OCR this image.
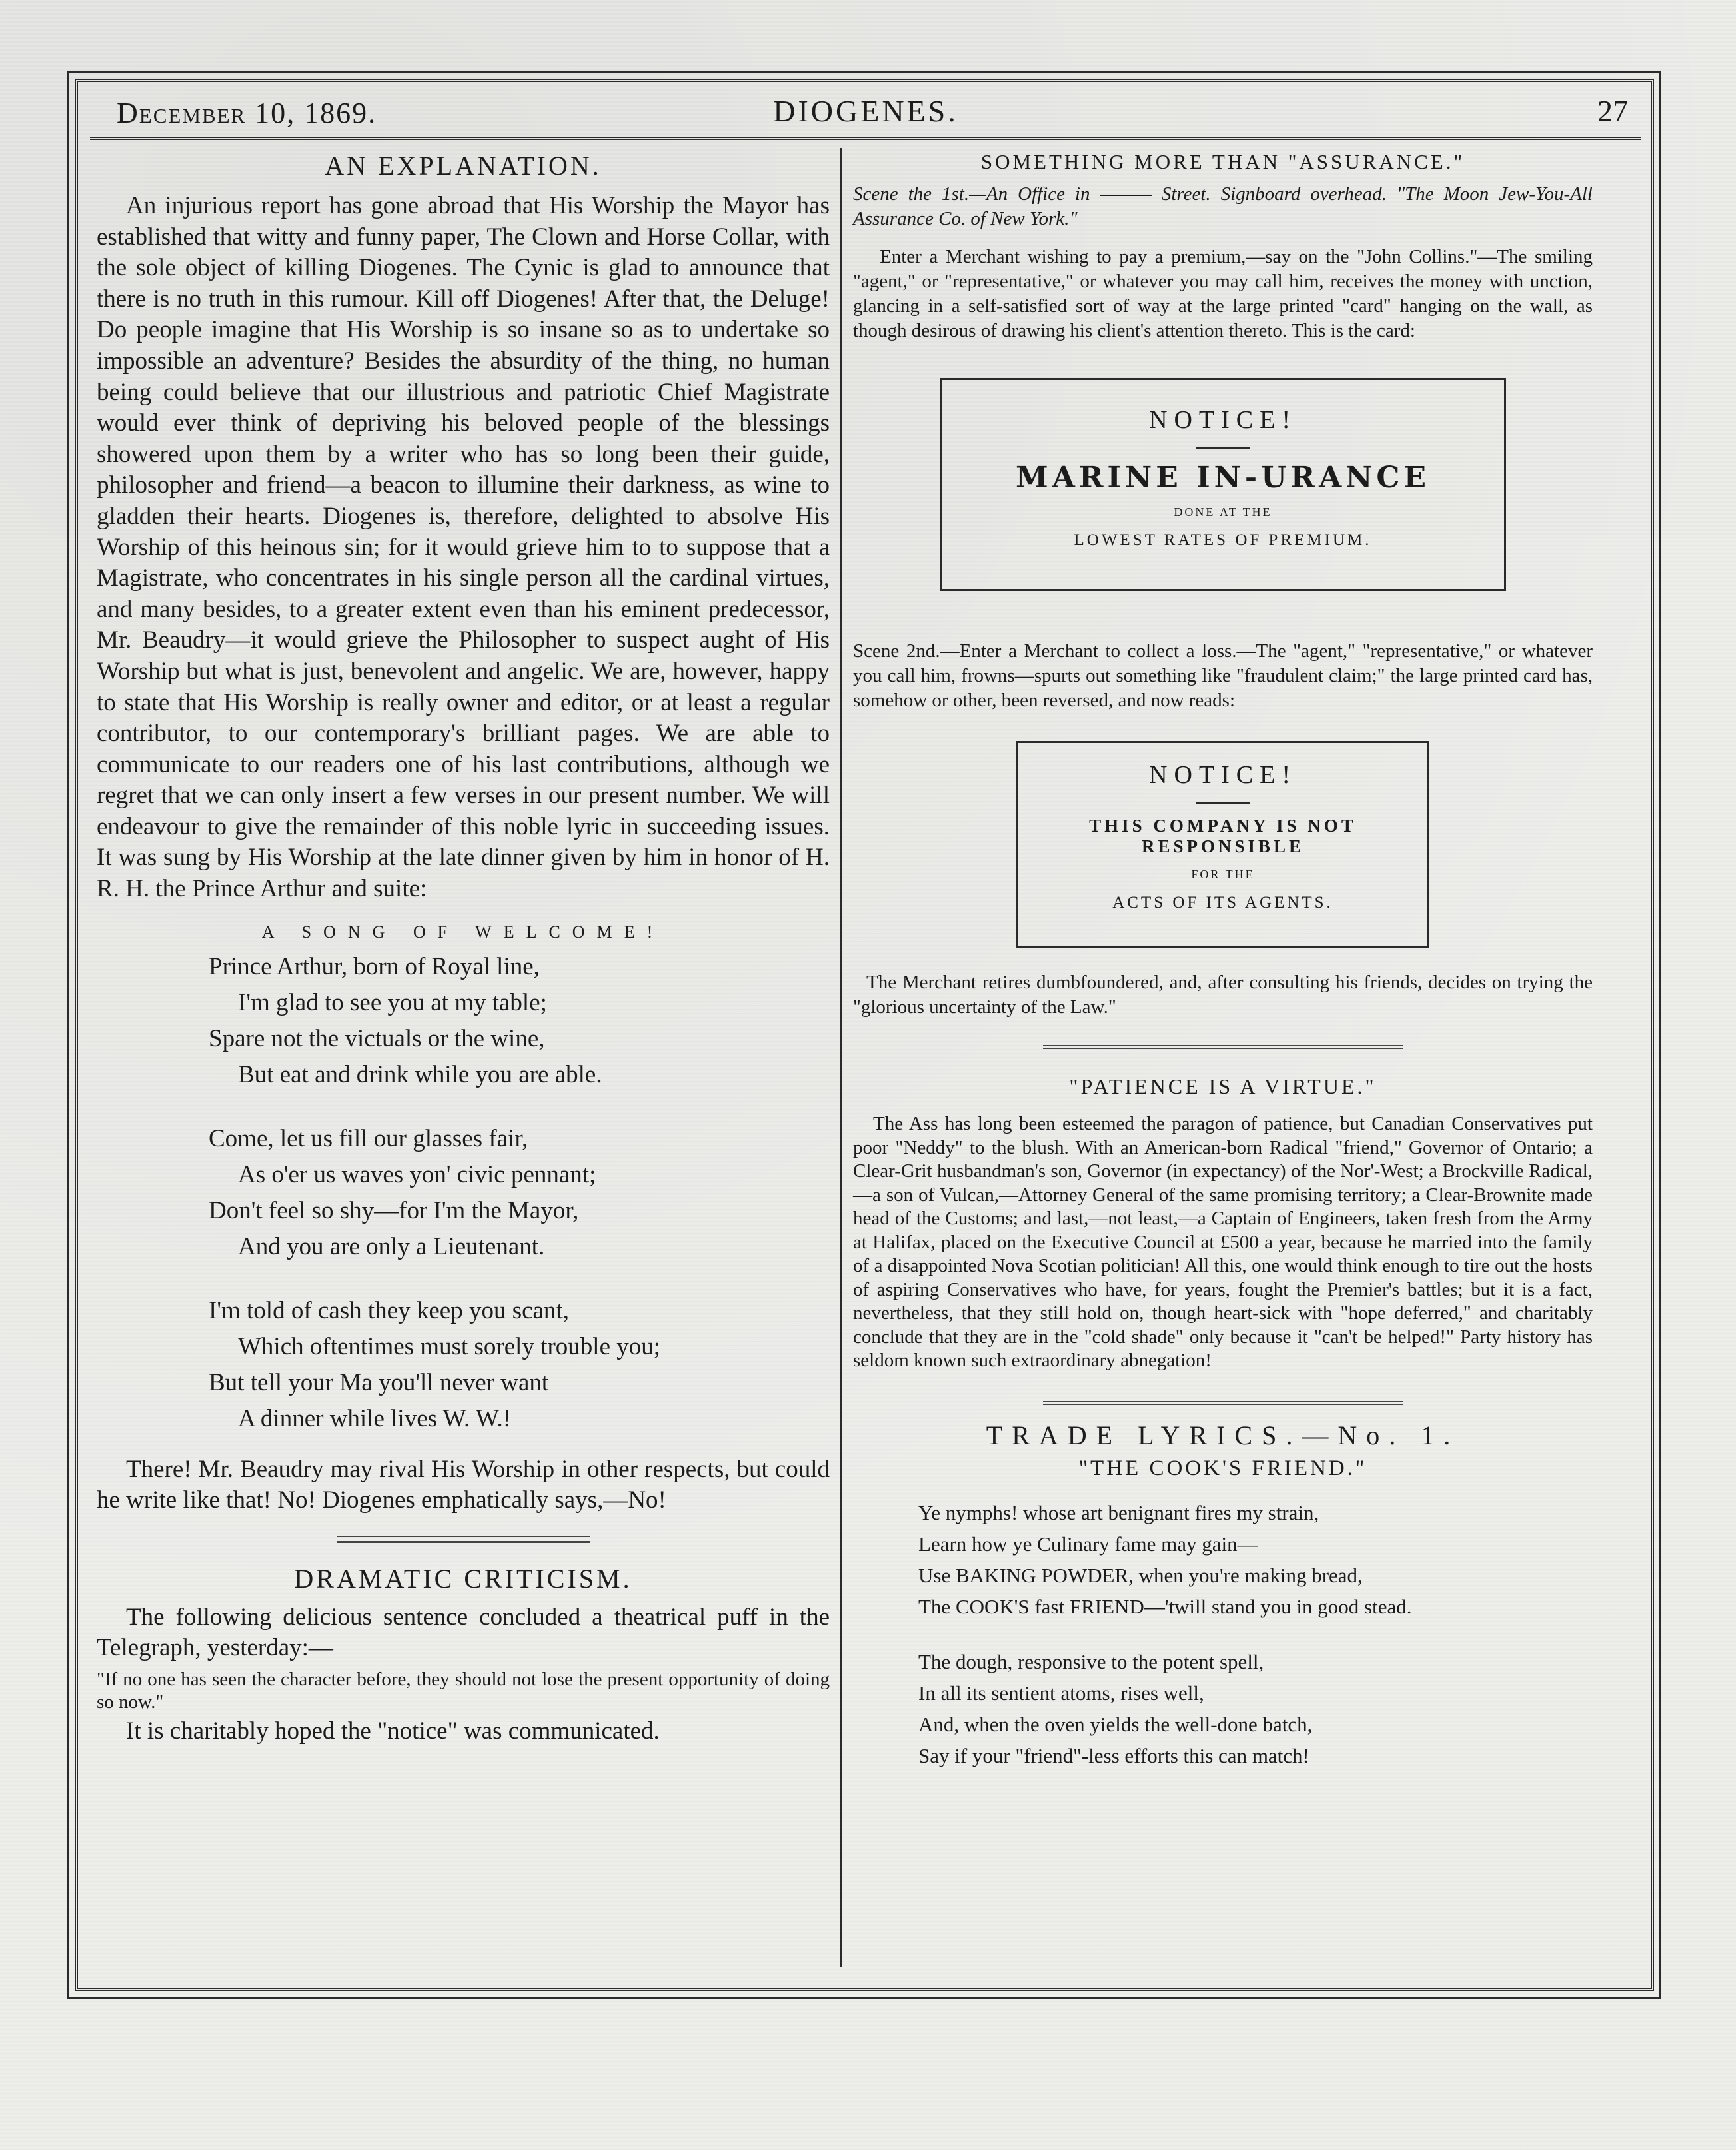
December 10, 1869.	DIOGENES.	27
AN EXPLANATION.

An injurious report has gone abroad that His Worship the Mayor has established that witty and funny paper, The Clown and Horse Collar, with the sole object of killing Diogenes. The Cynic is glad to announce that there is no truth in this rumour. Kill off Diogenes! After that, the Deluge! Do people imagine that His Worship is so insane so as to undertake so impossible an adventure? Besides the absurdity of the thing, no human being could believe that our illustrious and patriotic Chief Magistrate would ever think of depriving his beloved people of the blessings showered upon them by a writer who has so long been their guide, philosopher and friend—a beacon to illumine their darkness, as wine to gladden their hearts. Diogenes is, therefore, delighted to absolve His Worship of this heinous sin; for it would grieve him to to suppose that a Magistrate, who concentrates in his single person all the cardinal virtues, and many besides, to a greater extent even than his eminent predecessor, Mr. Beaudry—it would grieve the Philosopher to suspect aught of His Worship but what is just, benevolent and angelic. We are, however, happy to state that His Worship is really owner and editor, or at least a regular contributor, to our contemporary's brilliant pages. We are able to communicate to our readers one of his last contributions, although we regret that we can only insert a few verses in our present number. We will endeavour to give the remainder of this noble lyric in succeeding issues. It was sung by His Worship at the late dinner given by him in honor of H. R. H. the Prince Arthur and suite:

A SONG OF WELCOME!
Prince Arthur, born of Royal line,
I'm glad to see you at my table;
Spare not the victuals or the wine,
But eat and drink while you are able.
Come, let us fill our glasses fair,
As o'er us waves yon' civic pennant;
Don't feel so shy—for I'm the Mayor,
And you are only a Lieutenant.
I'm told of cash they keep you scant,
Which oftentimes must sorely trouble you;
But tell your Ma you'll never want
A dinner while lives W. W.!

There! Mr. Beaudry may rival His Worship in other respects, but could he write like that! No! Diogenes emphatically says,—No!

DRAMATIC CRITICISM.

The following delicious sentence concluded a theatrical puff in the Telegraph, yesterday:—

"If no one has seen the character before, they should not lose the present opportunity of doing so now."

It is charitably hoped the "notice" was communicated.

SOMETHING MORE THAN "ASSURANCE."

Scene the 1st.—An Office in ——— Street. Signboard overhead. "The Moon Jew-You-All Assurance Co. of New York."

Enter a Merchant wishing to pay a premium,—say on the "John Collins."—The smiling "agent," or "representative," or whatever you may call him, receives the money with unction, glancing in a self-satisfied sort of way at the large printed "card" hanging on the wall, as though desirous of drawing his client's attention thereto. This is the card:

NOTICE!
MARINE IN-URANCE
DONE AT THE
LOWEST RATES OF PREMIUM.

Scene 2nd.—Enter a Merchant to collect a loss.—The "agent," "representative," or whatever you call him, frowns—spurts out something like "fraudulent claim;" the large printed card has, somehow or other, been reversed, and now reads:

NOTICE!
THIS COMPANY IS NOT RESPONSIBLE
FOR THE
ACTS OF ITS AGENTS.

The Merchant retires dumbfoundered, and, after consulting his friends, decides on trying the "glorious uncertainty of the Law."

"PATIENCE IS A VIRTUE."

The Ass has long been esteemed the paragon of patience, but Canadian Conservatives put poor "Neddy" to the blush. With an American-born Radical "friend," Governor of Ontario; a Clear-Grit husbandman's son, Governor (in expectancy) of the Nor'-West; a Brockville Radical,—a son of Vulcan,—Attorney General of the same promising territory; a Clear-Brownite made head of the Customs; and last,—not least,—a Captain of Engineers, taken fresh from the Army at Halifax, placed on the Executive Council at £500 a year, because he married into the family of a disappointed Nova Scotian politician! All this, one would think enough to tire out the hosts of aspiring Conservatives who have, for years, fought the Premier's battles; but it is a fact, nevertheless, that they still hold on, though heart-sick with "hope deferred," and charitably conclude that they are in the "cold shade" only because it "can't be helped!" Party history has seldom known such extraordinary abnegation!

TRADE LYRICS.—No. 1.
"THE COOK'S FRIEND."
Ye nymphs! whose art benignant fires my strain,
Learn how ye Culinary fame may gain—
Use BAKING POWDER, when you're making bread,
The COOK'S fast FRIEND—'twill stand you in good stead.
The dough, responsive to the potent spell,
In all its sentient atoms, rises well,
And, when the oven yields the well-done batch,
Say if your "friend"-less efforts this can match!
